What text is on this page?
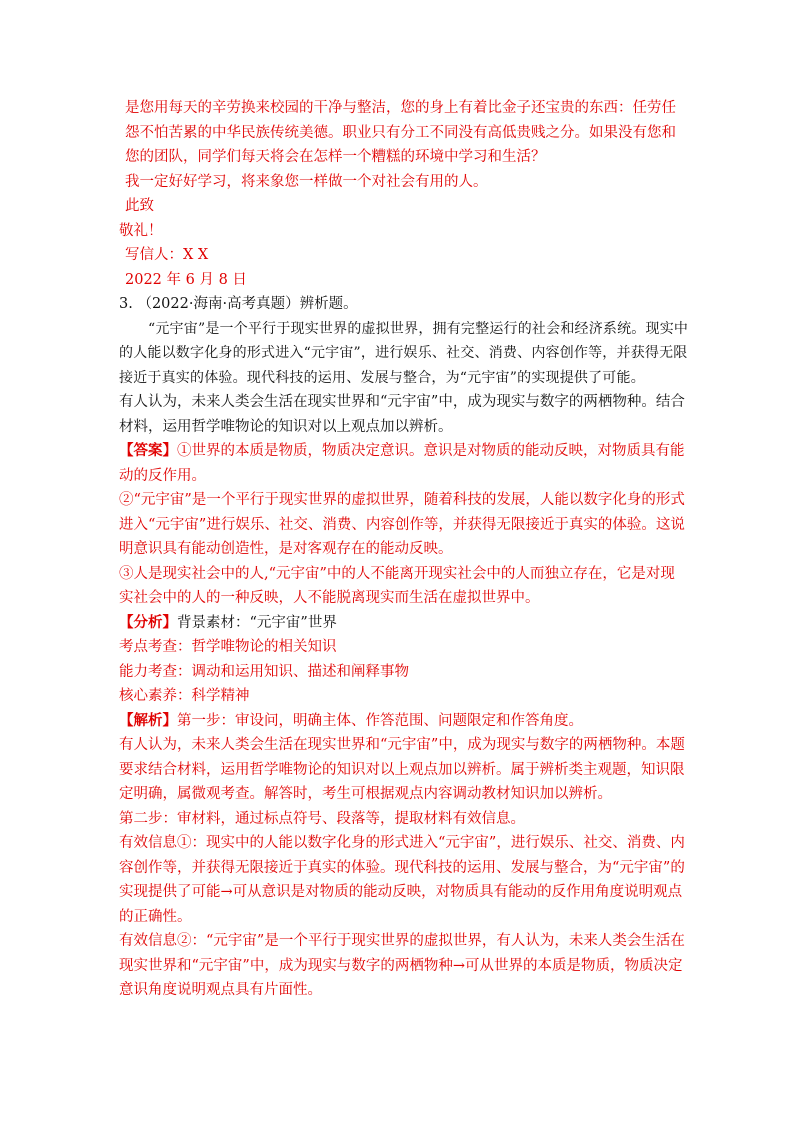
是您用每天的辛劳换来校园的干净与整洁，您的身上有着比金子还宝贵的东西：任劳任怨不怕苦累的中华民族传统美德。职业只有分工不同没有高低贵贱之分。如果没有您和您的团队，同学们每天将会在怎样一个糟糕的环境中学习和生活？

我一定好好学习，将来象您一样做一个对社会有用的人。

此致

敬礼！

写信人：X X

2022 年 6 月 8 日

3. （2022·海南·高考真题）辨析题。

“元宇宙”是一个平行于现实世界的虚拟世界，拥有完整运行的社会和经济系统。现实中的人能以数字化身的形式进入“元宇宙”，进行娱乐、社交、消费、内容创作等，并获得无限接近于真实的体验。现代科技的运用、发展与整合，为“元宇宙”的实现提供了可能。

有人认为，未来人类会生活在现实世界和“元宇宙”中，成为现实与数字的两栖物种。结合材料，运用哲学唯物论的知识对以上观点加以辨析。

【答案】①世界的本质是物质，物质决定意识。意识是对物质的能动反映，对物质具有能动的反作用。

②“元宇宙”是一个平行于现实世界的虚拟世界，随着科技的发展，人能以数字化身的形式进入“元宇宙”进行娱乐、社交、消费、内容创作等，并获得无限接近于真实的体验。这说明意识具有能动创造性，是对客观存在的能动反映。

③人是现实社会中的人,“元宇宙”中的人不能离开现实社会中的人而独立存在，它是对现实社会中的人的一种反映，人不能脱离现实而生活在虚拟世界中。

【分析】背景素材：“元宇宙”世界

考点考查：哲学唯物论的相关知识

能力考查：调动和运用知识、描述和阐释事物

核心素养：科学精神

【解析】第一步：审设问，明确主体、作答范围、问题限定和作答角度。

有人认为，未来人类会生活在现实世界和“元宇宙”中，成为现实与数字的两栖物种。本题要求结合材料，运用哲学唯物论的知识对以上观点加以辨析。属于辨析类主观题，知识限定明确，属微观考查。解答时，考生可根据观点内容调动教材知识加以辨析。

第二步：审材料，通过标点符号、段落等，提取材料有效信息。

有效信息①：现实中的人能以数字化身的形式进入“元宇宙”，进行娱乐、社交、消费、内容创作等，并获得无限接近于真实的体验。现代科技的运用、发展与整合，为“元宇宙”的实现提供了可能→可从意识是对物质的能动反映，对物质具有能动的反作用角度说明观点的正确性。

有效信息②：“元宇宙”是一个平行于现实世界的虚拟世界，有人认为，未来人类会生活在现实世界和“元宇宙”中，成为现实与数字的两栖物种→可从世界的本质是物质，物质决定意识角度说明观点具有片面性。
